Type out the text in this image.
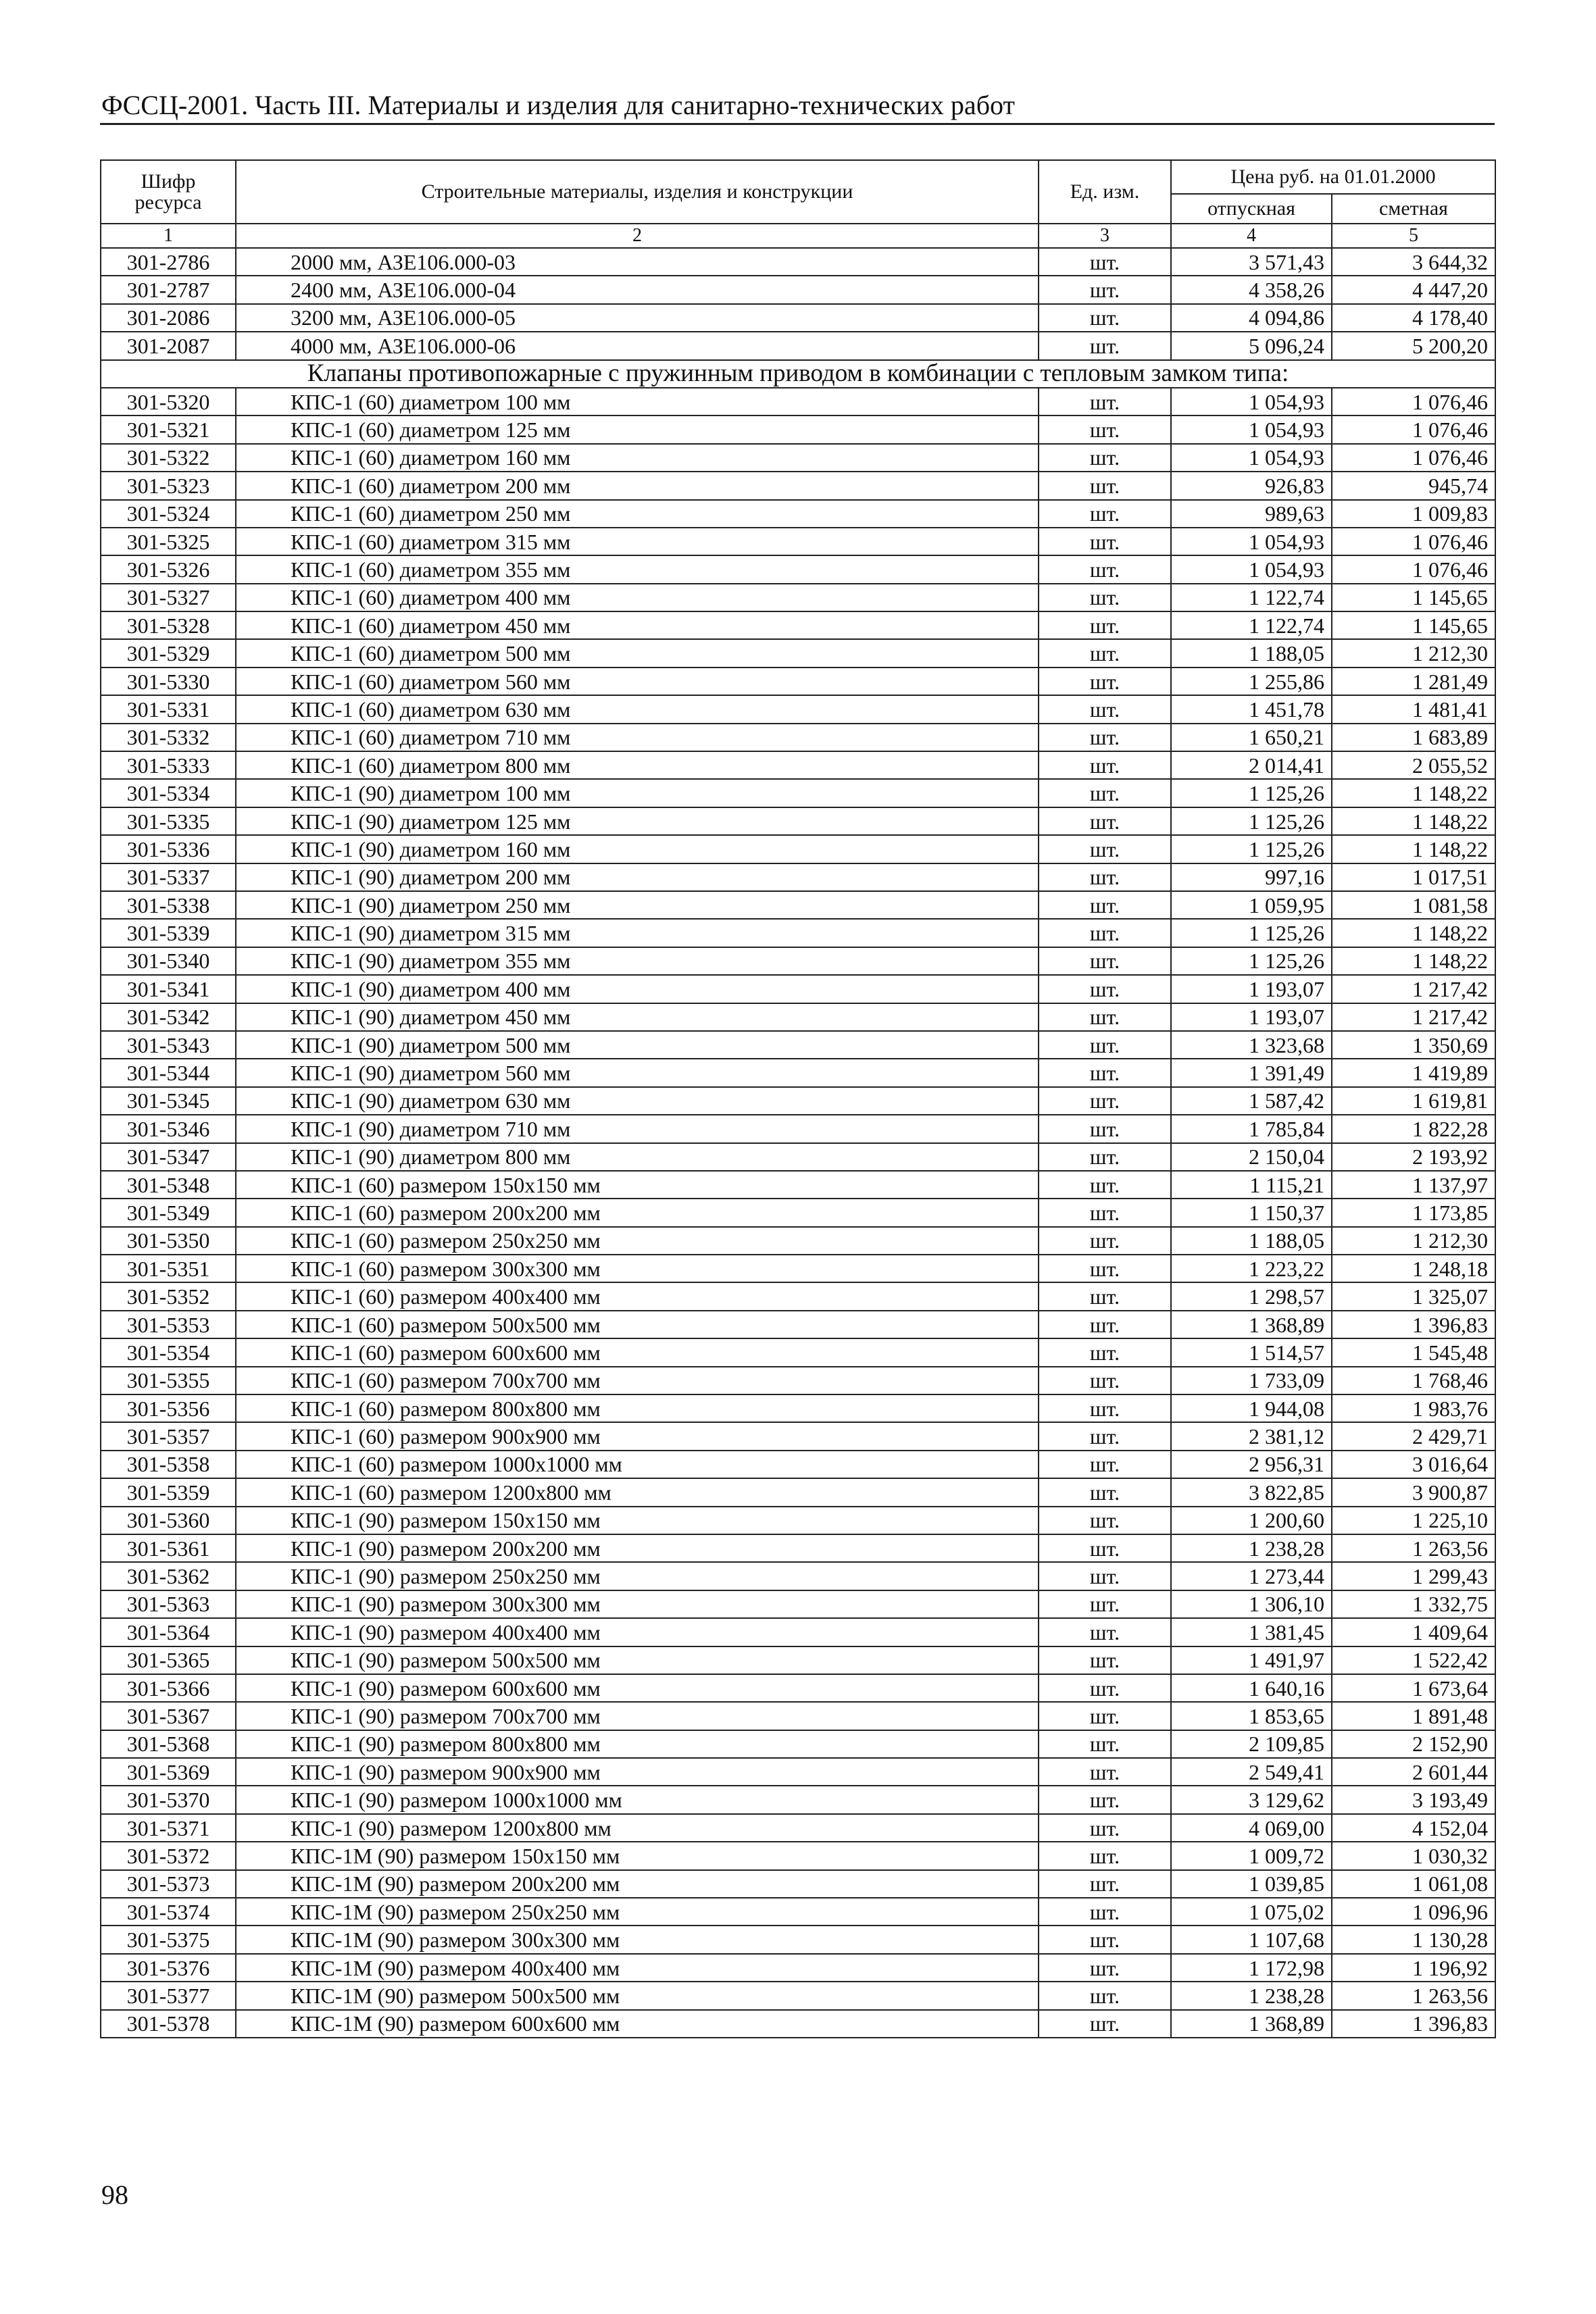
ФССЦ-2001. Часть III. Материалы и изделия для санитарно-технических работ
Шифр ресурса	Строительные материалы, изделия и конструкции	Ед. изм.	Цена руб. на 01.01.2000	
			отпускная	сметная
1	2	3	4	5
301-2786	2000 мм, АЗЕ106.000-03	шт.	3 571,43	3 644,32
301-2787	2400 мм, АЗЕ106.000-04	шт.	4 358,26	4 447,20
301-2086	3200 мм, АЗЕ106.000-05	шт.	4 094,86	4 178,40
301-2087	4000 мм, АЗЕ106.000-06	шт.	5 096,24	5 200,20
Клапаны противопожарные с пружинным приводом в комбинации с тепловым замком типа:				
301-5320	КПС-1 (60) диаметром 100 мм	шт.	1 054,93	1 076,46
301-5321	КПС-1 (60) диаметром 125 мм	шт.	1 054,93	1 076,46
301-5322	КПС-1 (60) диаметром 160 мм	шт.	1 054,93	1 076,46
301-5323	КПС-1 (60) диаметром 200 мм	шт.	926,83	945,74
301-5324	КПС-1 (60) диаметром 250 мм	шт.	989,63	1 009,83
301-5325	КПС-1 (60) диаметром 315 мм	шт.	1 054,93	1 076,46
301-5326	КПС-1 (60) диаметром 355 мм	шт.	1 054,93	1 076,46
301-5327	КПС-1 (60) диаметром 400 мм	шт.	1 122,74	1 145,65
301-5328	КПС-1 (60) диаметром 450 мм	шт.	1 122,74	1 145,65
301-5329	КПС-1 (60) диаметром 500 мм	шт.	1 188,05	1 212,30
301-5330	КПС-1 (60) диаметром 560 мм	шт.	1 255,86	1 281,49
301-5331	КПС-1 (60) диаметром 630 мм	шт.	1 451,78	1 481,41
301-5332	КПС-1 (60) диаметром 710 мм	шт.	1 650,21	1 683,89
301-5333	КПС-1 (60) диаметром 800 мм	шт.	2 014,41	2 055,52
301-5334	КПС-1 (90) диаметром 100 мм	шт.	1 125,26	1 148,22
301-5335	КПС-1 (90) диаметром 125 мм	шт.	1 125,26	1 148,22
301-5336	КПС-1 (90) диаметром 160 мм	шт.	1 125,26	1 148,22
301-5337	КПС-1 (90) диаметром 200 мм	шт.	997,16	1 017,51
301-5338	КПС-1 (90) диаметром 250 мм	шт.	1 059,95	1 081,58
301-5339	КПС-1 (90) диаметром 315 мм	шт.	1 125,26	1 148,22
301-5340	КПС-1 (90) диаметром 355 мм	шт.	1 125,26	1 148,22
301-5341	КПС-1 (90) диаметром 400 мм	шт.	1 193,07	1 217,42
301-5342	КПС-1 (90) диаметром 450 мм	шт.	1 193,07	1 217,42
301-5343	КПС-1 (90) диаметром 500 мм	шт.	1 323,68	1 350,69
301-5344	КПС-1 (90) диаметром 560 мм	шт.	1 391,49	1 419,89
301-5345	КПС-1 (90) диаметром 630 мм	шт.	1 587,42	1 619,81
301-5346	КПС-1 (90) диаметром 710 мм	шт.	1 785,84	1 822,28
301-5347	КПС-1 (90) диаметром 800 мм	шт.	2 150,04	2 193,92
301-5348	КПС-1 (60) размером 150x150 мм	шт.	1 115,21	1 137,97
301-5349	КПС-1 (60) размером 200x200 мм	шт.	1 150,37	1 173,85
301-5350	КПС-1 (60) размером 250x250 мм	шт.	1 188,05	1 212,30
301-5351	КПС-1 (60) размером 300x300 мм	шт.	1 223,22	1 248,18
301-5352	КПС-1 (60) размером 400x400 мм	шт.	1 298,57	1 325,07
301-5353	КПС-1 (60) размером 500x500 мм	шт.	1 368,89	1 396,83
301-5354	КПС-1 (60) размером 600x600 мм	шт.	1 514,57	1 545,48
301-5355	КПС-1 (60) размером 700x700 мм	шт.	1 733,09	1 768,46
301-5356	КПС-1 (60) размером 800x800 мм	шт.	1 944,08	1 983,76
301-5357	КПС-1 (60) размером 900x900 мм	шт.	2 381,12	2 429,71
301-5358	КПС-1 (60) размером 1000x1000 мм	шт.	2 956,31	3 016,64
301-5359	КПС-1 (60) размером 1200x800 мм	шт.	3 822,85	3 900,87
301-5360	КПС-1 (90) размером 150x150 мм	шт.	1 200,60	1 225,10
301-5361	КПС-1 (90) размером 200x200 мм	шт.	1 238,28	1 263,56
301-5362	КПС-1 (90) размером 250x250 мм	шт.	1 273,44	1 299,43
301-5363	КПС-1 (90) размером 300x300 мм	шт.	1 306,10	1 332,75
301-5364	КПС-1 (90) размером 400x400 мм	шт.	1 381,45	1 409,64
301-5365	КПС-1 (90) размером 500x500 мм	шт.	1 491,97	1 522,42
301-5366	КПС-1 (90) размером 600x600 мм	шт.	1 640,16	1 673,64
301-5367	КПС-1 (90) размером 700x700 мм	шт.	1 853,65	1 891,48
301-5368	КПС-1 (90) размером 800x800 мм	шт.	2 109,85	2 152,90
301-5369	КПС-1 (90) размером 900x900 мм	шт.	2 549,41	2 601,44
301-5370	КПС-1 (90) размером 1000x1000 мм	шт.	3 129,62	3 193,49
301-5371	КПС-1 (90) размером 1200x800 мм	шт.	4 069,00	4 152,04
301-5372	КПС-1М (90) размером 150x150 мм	шт.	1 009,72	1 030,32
301-5373	КПС-1М (90) размером 200x200 мм	шт.	1 039,85	1 061,08
301-5374	КПС-1М (90) размером 250x250 мм	шт.	1 075,02	1 096,96
301-5375	КПС-1М (90) размером 300x300 мм	шт.	1 107,68	1 130,28
301-5376	КПС-1М (90) размером 400x400 мм	шт.	1 172,98	1 196,92
301-5377	КПС-1М (90) размером 500x500 мм	шт.	1 238,28	1 263,56
301-5378	КПС-1М (90) размером 600x600 мм	шт.	1 368,89	1 396,83
98
